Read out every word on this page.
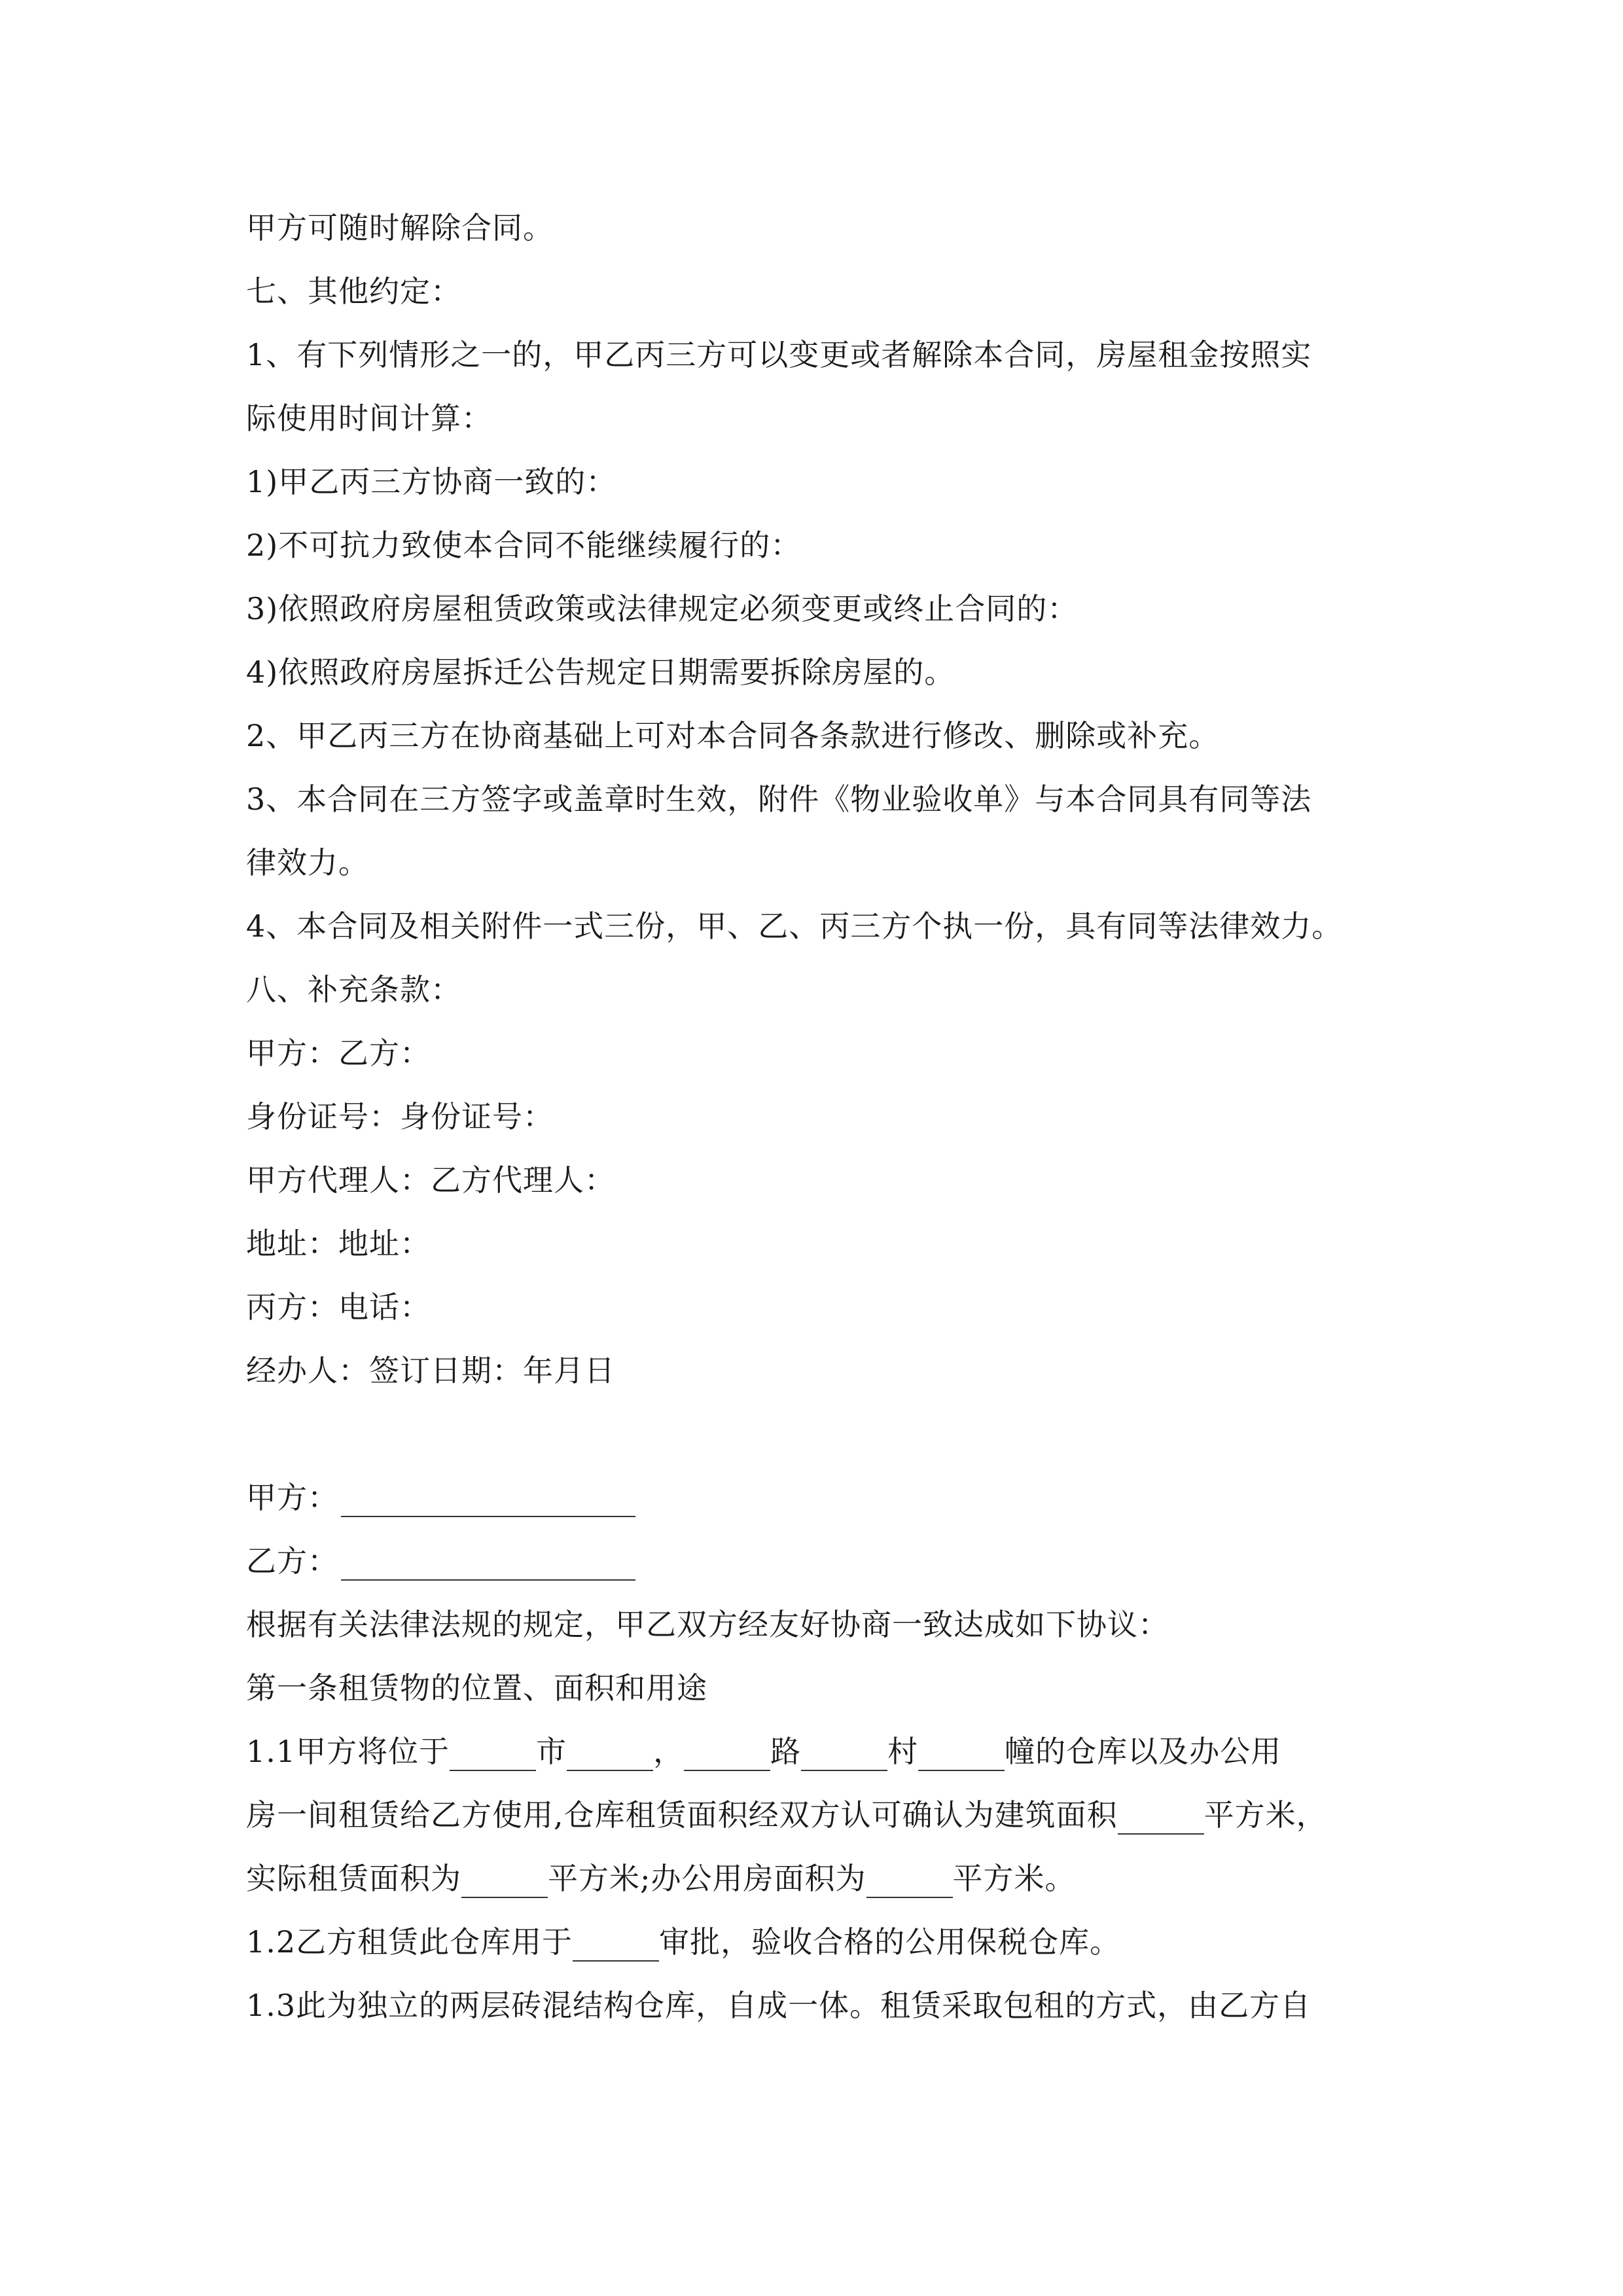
甲方可随时解除合同。
七、其他约定：
1、有下列情形之一的，甲乙丙三方可以变更或者解除本合同，房屋租金按照实
际使用时间计算：
1)甲乙丙三方协商一致的：
2)不可抗力致使本合同不能继续履行的：
3)依照政府房屋租赁政策或法律规定必须变更或终止合同的：
4)依照政府房屋拆迁公告规定日期需要拆除房屋的。
2、甲乙丙三方在协商基础上可对本合同各条款进行修改、删除或补充。
3、本合同在三方签字或盖章时生效，附件《物业验收单》与本合同具有同等法
律效力。
4、本合同及相关附件一式三份，甲、乙、丙三方个执一份，具有同等法律效力。
八、补充条款：
甲方：乙方：
身份证号：身份证号：
甲方代理人：乙方代理人：
地址：地址：
丙方：电话：
经办人：签订日期：年月日
甲方：
乙方：
根据有关法律法规的规定，甲乙双方经友好协商一致达成如下协议：
第一条租赁物的位置、面积和用途
1.1甲方将位于	市	，	路	村	幢的仓库以及办公用
房一间租赁给乙方使用,仓库租赁面积经双方认可确认为建筑面积	平方米，
实际租赁面积为	平方米;办公用房面积为	平方米。
1.2乙方租赁此仓库用于	审批，验收合格的公用保税仓库。
1.3此为独立的两层砖混结构仓库，自成一体。租赁采取包租的方式，由乙方自
